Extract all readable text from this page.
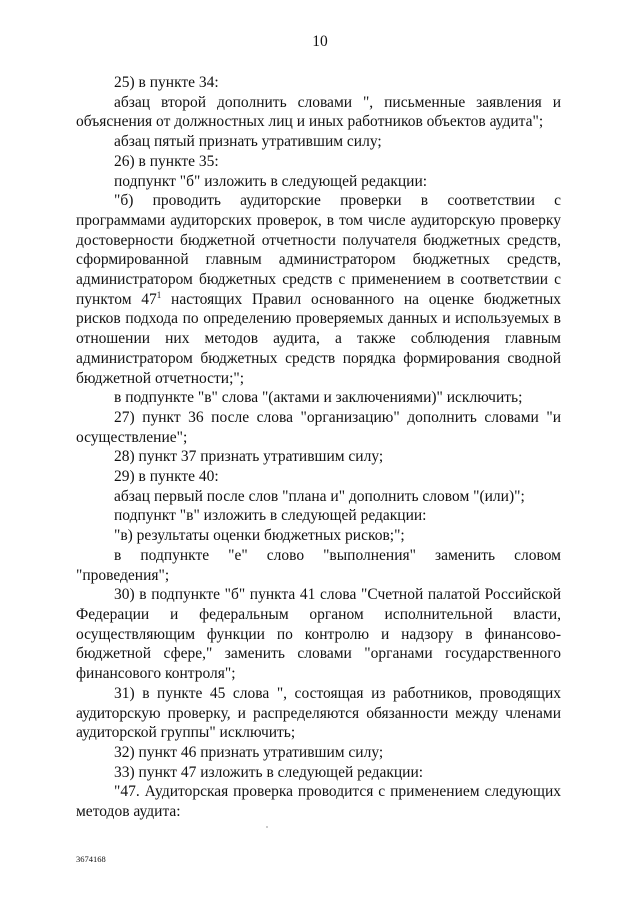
10

25) в пункте 34:

абзац второй дополнить словами ", письменные заявления и объяснения от должностных лиц и иных работников объектов аудита";

абзац пятый признать утратившим силу;

26) в пункте 35:

подпункт "б" изложить в следующей редакции:

"б) проводить аудиторские проверки в соответствии с программами аудиторских проверок, в том числе аудиторскую проверку достоверности бюджетной отчетности получателя бюджетных средств, сформированной главным администратором бюджетных средств, администратором бюджетных средств с применением в соответствии с пунктом $47^1$ настоящих Правил основанного на оценке бюджетных рисков подхода по определению проверяемых данных и используемых в отношении них методов аудита, а также соблюдения главным администратором бюджетных средств порядка формирования сводной бюджетной отчетности;";

в подпункте "в" слова "(актами и заключениями)" исключить;

27) пункт 36 после слова "организацию" дополнить словами "и осуществление";

28) пункт 37 признать утратившим силу;

29) в пункте 40:

абзац первый после слов "плана и" дополнить словом "(или)";

подпункт "в" изложить в следующей редакции:

"в) результаты оценки бюджетных рисков;";

в подпункте "е" слово "выполнения" заменить словом "проведения";

30) в подпункте "б" пункта 41 слова "Счетной палатой Российской Федерации и федеральным органом исполнительной власти, осуществляющим функции по контролю и надзору в финансово-бюджетной сфере," заменить словами "органами государственного финансового контроля";

31) в пункте 45 слова ", состоящая из работников, проводящих аудиторскую проверку, и распределяются обязанности между членами аудиторской группы" исключить;

32) пункт 46 признать утратившим силу;

33) пункт 47 изложить в следующей редакции:

"47. Аудиторская проверка проводится с применением следующих методов аудита:

3674168
